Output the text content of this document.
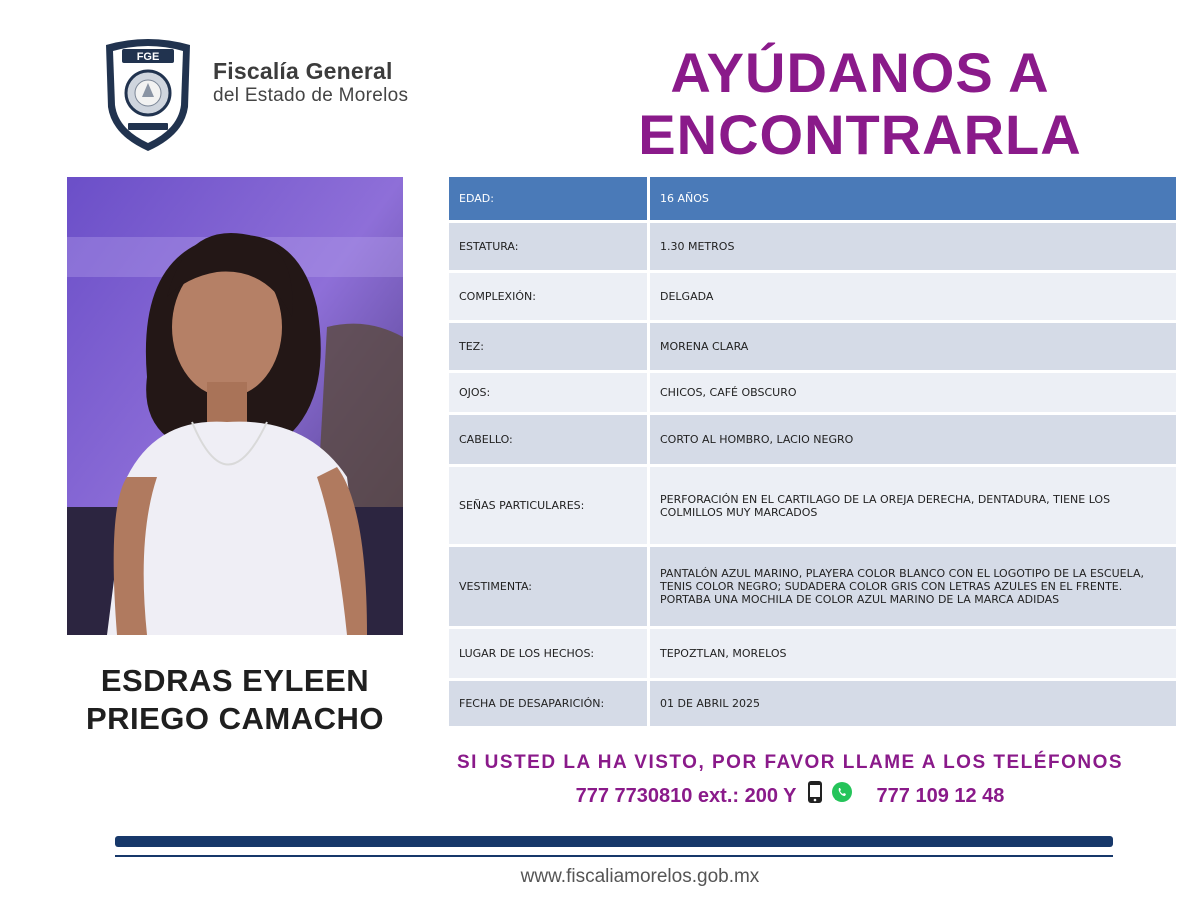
FGE
Fiscalía General
del Estado de Morelos	AYÚDANOS A
ENCONTRARLA
ESDRAS EYLEEN
PRIEGO CAMACHO
EDAD:	16 AÑOS
ESTATURA:	1.30 METROS
COMPLEXIÓN:	DELGADA
TEZ:	MORENA CLARA
OJOS:	CHICOS, CAFÉ OBSCURO
CABELLO:	CORTO AL HOMBRO, LACIO NEGRO
SEÑAS PARTICULARES:	PERFORACIÓN EN EL CARTILAGO DE LA OREJA DERECHA, DENTADURA, TIENE LOS COLMILLOS MUY MARCADOS
VESTIMENTA:	PANTALÓN AZUL MARINO, PLAYERA COLOR BLANCO CON EL LOGOTIPO DE LA ESCUELA, TENIS COLOR NEGRO; SUDADERA COLOR GRIS CON LETRAS AZULES EN EL FRENTE. PORTABA UNA MOCHILA DE COLOR AZUL MARINO DE LA MARCA ADIDAS
LUGAR DE LOS HECHOS:	TEPOZTLAN, MORELOS
FECHA DE DESAPARICIÓN:	01 DE ABRIL 2025
SI USTED LA HA VISTO, POR FAVOR LLAME A LOS TELÉFONOS
777 7730810 ext.: 200 Y	777 109 12 48
www.fiscaliamorelos.gob.mx
